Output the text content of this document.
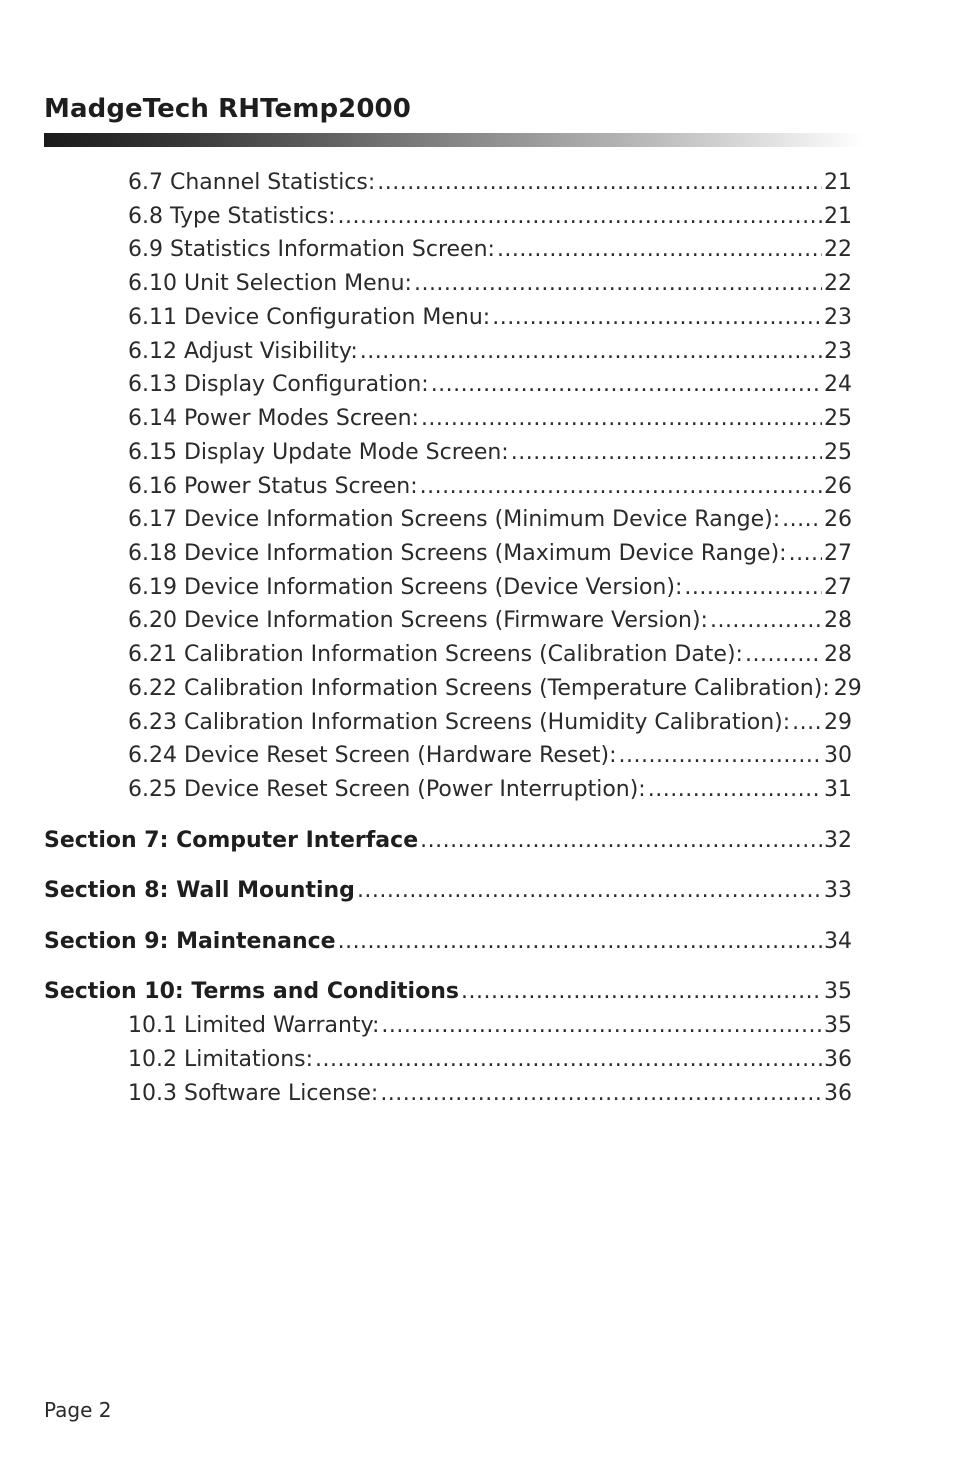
MadgeTech RHTemp2000
6.7 Channel Statistics: .....	21
6.8 Type Statistics: .....	21
6.9 Statistics Information Screen: .....	22
6.10 Unit Selection Menu: .....	22
6.11 Device Configuration Menu: .....	23
6.12 Adjust Visibility: .....	23
6.13 Display Configuration: .....	24
6.14 Power Modes Screen: .....	25
6.15 Display Update Mode Screen: .....	25
6.16 Power Status Screen: .....	26
6.17 Device Information Screens (Minimum Device Range): ..... 26
6.18 Device Information Screens (Maximum Device Range): ..... 27
6.19 Device Information Screens (Device Version): .....	27
6.20 Device Information Screens (Firmware Version): .....	28
6.21 Calibration Information Screens (Calibration Date): .....	28
6.22 Calibration Information Screens (Temperature Calibration): 29
6.23 Calibration Information Screens (Humidity Calibration): ..... 29
6.24 Device Reset Screen (Hardware Reset): .....	30
6.25 Device Reset Screen (Power Interruption): .....	31
Section 7: Computer Interface .....	32
Section 8: Wall Mounting .....	33
Section 9: Maintenance .....	34
Section 10: Terms and Conditions .....	35
10.1 Limited Warranty: .....	35
10.2 Limitations: .....	36
10.3 Software License: .....	36
Page 2
